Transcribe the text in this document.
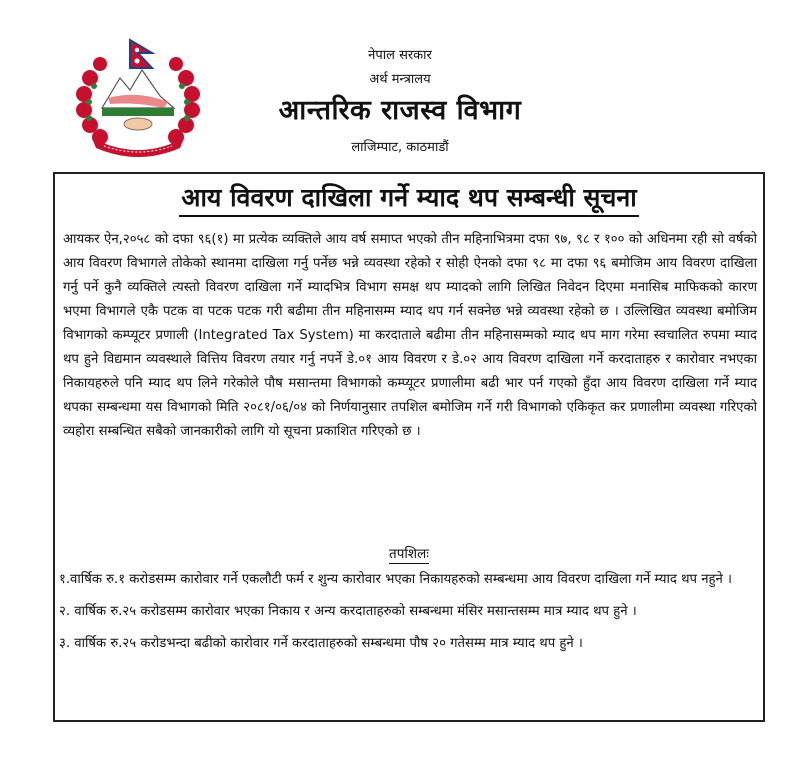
नेपाल सरकार
अर्थ मन्त्रालय
आन्तरिक राजस्व विभाग
लाजिम्पाट, काठमाडौं
आय विवरण दाखिला गर्ने म्याद थप सम्बन्धी सूचना

आयकर ऐन,२०५८ को दफा ९६(१) मा प्रत्येक व्यक्तिले आय वर्ष समाप्त भएको तीन महिनाभित्रमा दफा ९७, ९८ र १०० को अधिनमा रही सो वर्षको आय विवरण विभागले तोकेको स्थानमा दाखिला गर्नु पर्नेछ भन्ने व्यवस्था रहेको र सोही ऐनको दफा ९८ मा दफा ९६ बमोजिम आय विवरण दाखिला गर्नु पर्ने कुनै व्यक्तिले त्यस्तो विवरण दाखिला गर्ने म्यादभित्र विभाग समक्ष थप म्यादको लागि लिखित निवेदन दिएमा मनासिब माफिकको कारण भएमा विभागले एकै पटक वा पटक पटक गरी बढीमा तीन महिनासम्म म्याद थप गर्न सक्नेछ भन्ने व्यवस्था रहेको छ । उल्लिखित व्यवस्था बमोजिम विभागको कम्प्यूटर प्रणाली (Integrated Tax System) मा करदाताले बढीमा तीन महिनासम्मको म्याद थप माग गरेमा स्वचालित रुपमा म्याद थप हुने विद्यमान व्यवस्थाले वित्तिय विवरण तयार गर्नु नपर्ने डे.०१ आय विवरण र डे.०२ आय विवरण दाखिला गर्ने करदाताहरु र कारोवार नभएका निकायहरुले पनि म्याद थप लिने गरेकोले पौष मसान्तमा विभागको कम्प्यूटर प्रणालीमा बढी भार पर्न गएको हुँदा आय विवरण दाखिला गर्ने म्याद थपका सम्बन्धमा यस विभागको मिति २०८१/०६/०४ को निर्णयानुसार तपशिल बमोजिम गर्ने गरी विभागको एकिकृत कर प्रणालीमा व्यवस्था गरिएको व्यहोरा सम्बन्धित सबैको जानकारीको लागि यो सूचना प्रकाशित गरिएको छ ।

तपशिलः
१.वार्षिक रु.१ करोडसम्म कारोवार गर्ने एकलौटी फर्म र शुन्य कारोवार भएका निकायहरुको सम्बन्धमा आय विवरण दाखिला गर्ने म्याद थप नहुने ।
२. वार्षिक रु.२५ करोडसम्म कारोवार भएका निकाय र अन्य करदाताहरुको सम्बन्धमा मंसिर मसान्तसम्म मात्र म्याद थप हुने ।
३. वार्षिक रु.२५ करोडभन्दा बढीको कारोवार गर्ने करदाताहरुको सम्बन्धमा पौष २० गतेसम्म मात्र म्याद थप हुने ।
